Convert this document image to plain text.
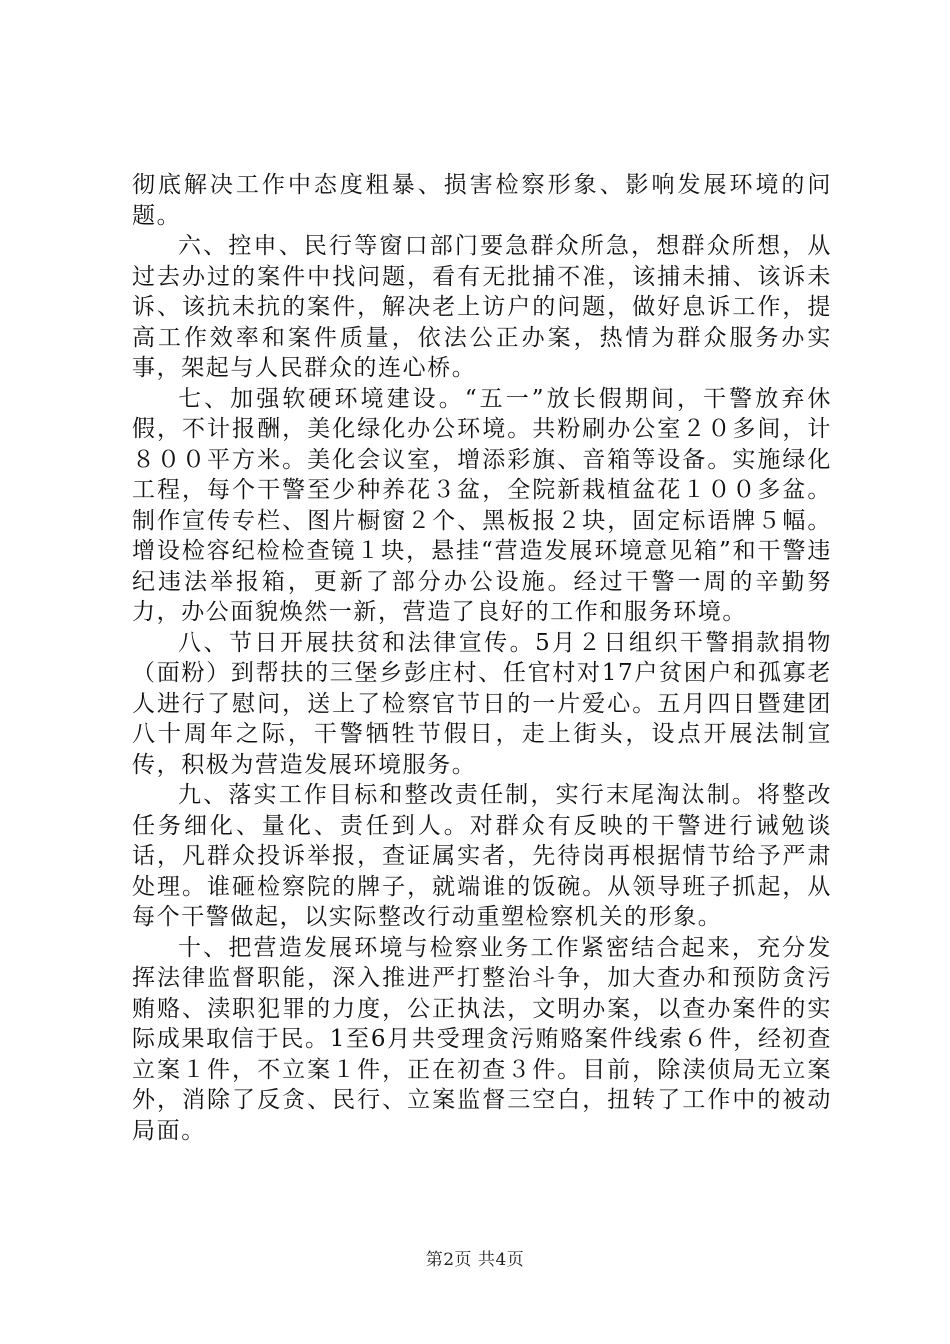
彻底解决工作中态度粗暴、损害检察形象、影响发展环境的问题。

六、控申、民行等窗口部门要急群众所急，想群众所想，从过去办过的案件中找问题，看有无批捕不准，该捕未捕、该诉未诉、该抗未抗的案件，解决老上访户的问题，做好息诉工作，提高工作效率和案件质量，依法公正办案，热情为群众服务办实事，架起与人民群众的连心桥。

七、加强软硬环境建设。“五一”放长假期间，干警放弃休假，不计报酬，美化绿化办公环境。共粉刷办公室２０多间，计８００平方米。美化会议室，增添彩旗、音箱等设备。实施绿化工程，每个干警至少种养花３盆，全院新栽植盆花１００多盆。制作宣传专栏、图片橱窗２个、黑板报２块，固定标语牌５幅。增设检容纪检检查镜１块，悬挂“营造发展环境意见箱”和干警违纪违法举报箱，更新了部分办公设施。经过干警一周的辛勤努力，办公面貌焕然一新，营造了良好的工作和服务环境。

八、节日开展扶贫和法律宣传。5月２日组织干警捐款捐物（面粉）到帮扶的三堡乡彭庄村、任官村对17户贫困户和孤寡老人进行了慰问，送上了检察官节日的一片爱心。五月四日暨建团八十周年之际，干警牺牲节假日，走上街头，设点开展法制宣传，积极为营造发展环境服务。

九、落实工作目标和整改责任制，实行末尾淘汰制。将整改任务细化、量化、责任到人。对群众有反映的干警进行诫勉谈话，凡群众投诉举报，查证属实者，先待岗再根据情节给予严肃处理。谁砸检察院的牌子，就端谁的饭碗。从领导班子抓起，从每个干警做起，以实际整改行动重塑检察机关的形象。

十、把营造发展环境与检察业务工作紧密结合起来，充分发挥法律监督职能，深入推进严打整治斗争，加大查办和预防贪污贿赂、渎职犯罪的力度，公正执法，文明办案，以查办案件的实际成果取信于民。1至6月共受理贪污贿赂案件线索６件，经初查立案１件，不立案１件，正在初查３件。目前，除渎侦局无立案外，消除了反贪、民行、立案监督三空白，扭转了工作中的被动局面。

第2页 共4页
